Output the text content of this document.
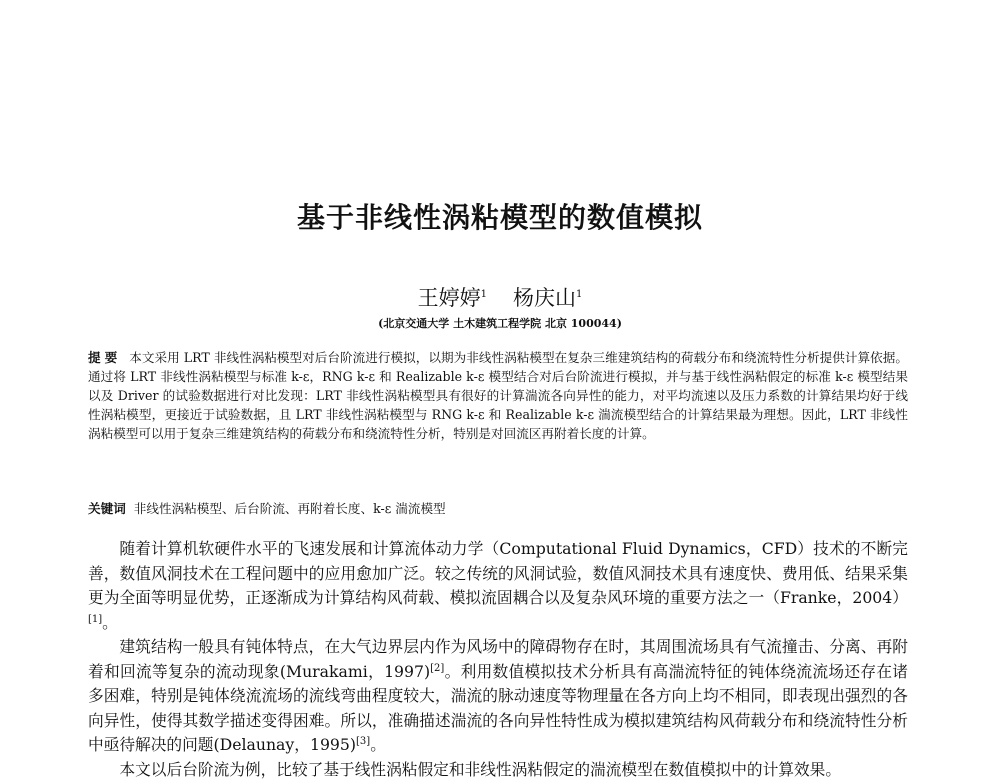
基于非线性涡粘模型的数值模拟
王婷婷$^1$ 杨庆山$^1$
(北京交通大学 土木建筑工程学院 北京 100044)
提要 本文采用 LRT 非线性涡粘模型对后台阶流进行模拟，以期为非线性涡粘模型在复杂三维建筑结构的荷载分布和绕流特性分析提供计算依据。通过将 LRT 非线性涡粘模型与标准 k-ε，RNG k-ε 和 Realizable k-ε 模型结合对后台阶流进行模拟，并与基于线性涡粘假定的标准 k-ε 模型结果以及 Driver 的试验数据进行对比发现：LRT 非线性涡粘模型具有很好的计算湍流各向异性的能力，对平均流速以及压力系数的计算结果均好于线性涡粘模型，更接近于试验数据，且 LRT 非线性涡粘模型与 RNG k-ε 和 Realizable k-ε 湍流模型结合的计算结果最为理想。因此，LRT 非线性涡粘模型可以用于复杂三维建筑结构的荷载分布和绕流特性分析，特别是对回流区再附着长度的计算。
关键词 非线性涡粘模型、后台阶流、再附着长度、k-ε 湍流模型

随着计算机软硬件水平的飞速发展和计算流体动力学（Computational Fluid Dynamics，CFD）技术的不断完善，数值风洞技术在工程问题中的应用愈加广泛。较之传统的风洞试验，数值风洞技术具有速度快、费用低、结果采集更为全面等明显优势，正逐渐成为计算结构风荷载、模拟流固耦合以及复杂风环境的重要方法之一（Franke，2004）[1]。

建筑结构一般具有钝体特点，在大气边界层内作为风场中的障碍物存在时，其周围流场具有气流撞击、分离、再附着和回流等复杂的流动现象(Murakami，1997)[2]。利用数值模拟技术分析具有高湍流特征的钝体绕流流场还存在诸多困难，特别是钝体绕流流场的流线弯曲程度较大，湍流的脉动速度等物理量在各方向上均不相同，即表现出强烈的各向异性，使得其数学描述变得困难。所以，准确描述湍流的各向异性特性成为模拟建筑结构风荷载分布和绕流特性分析中亟待解决的问题(Delaunay，1995)[3]。

本文以后台阶流为例，比较了基于线性涡粘假定和非线性涡粘假定的湍流模型在数值模拟中的计算效果。
